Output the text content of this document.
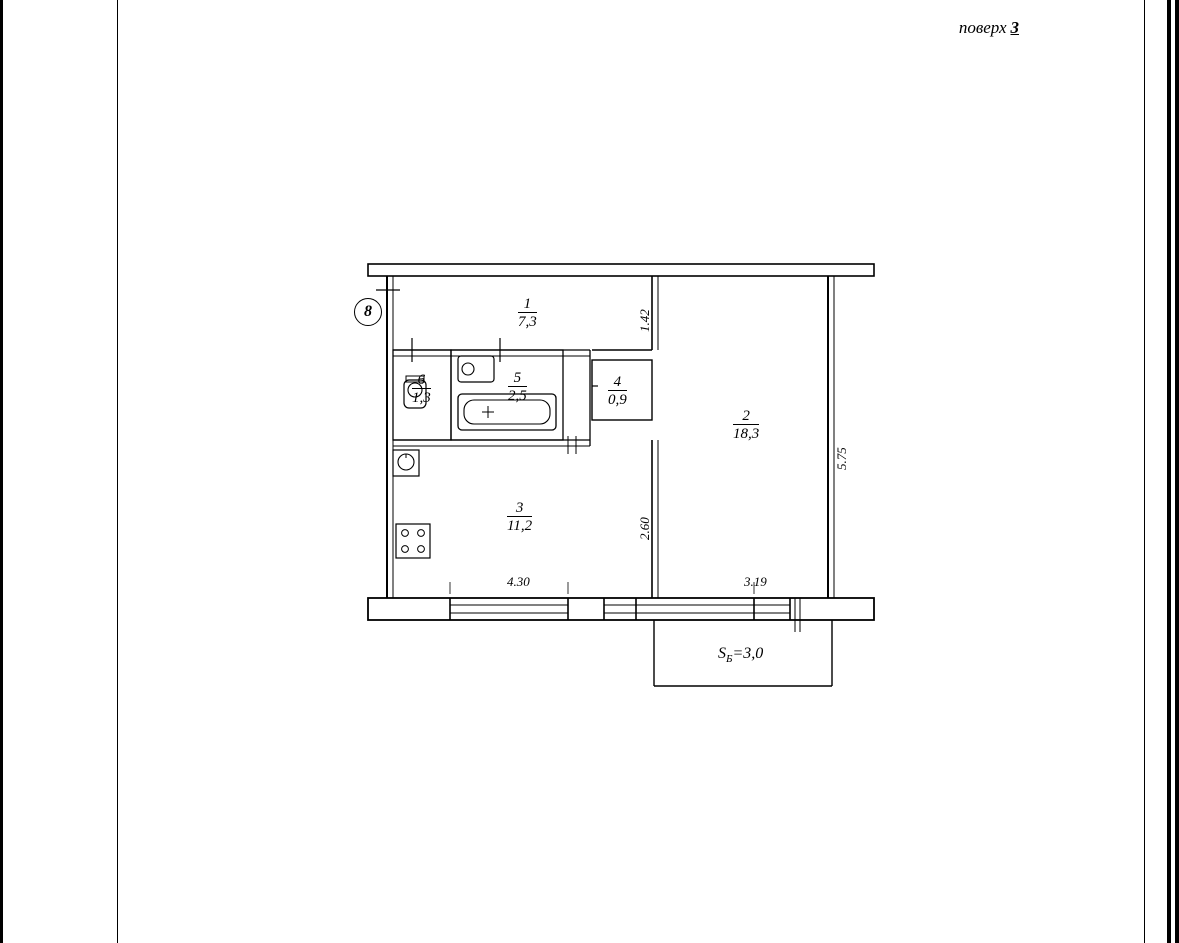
поверх 3
8	1
7,3
2
18,3
3
11,2
4
0,9
5
2,5
6
1,3
4.30	3.19
5.75
2.60
1.42
$S_Б=3,0$
